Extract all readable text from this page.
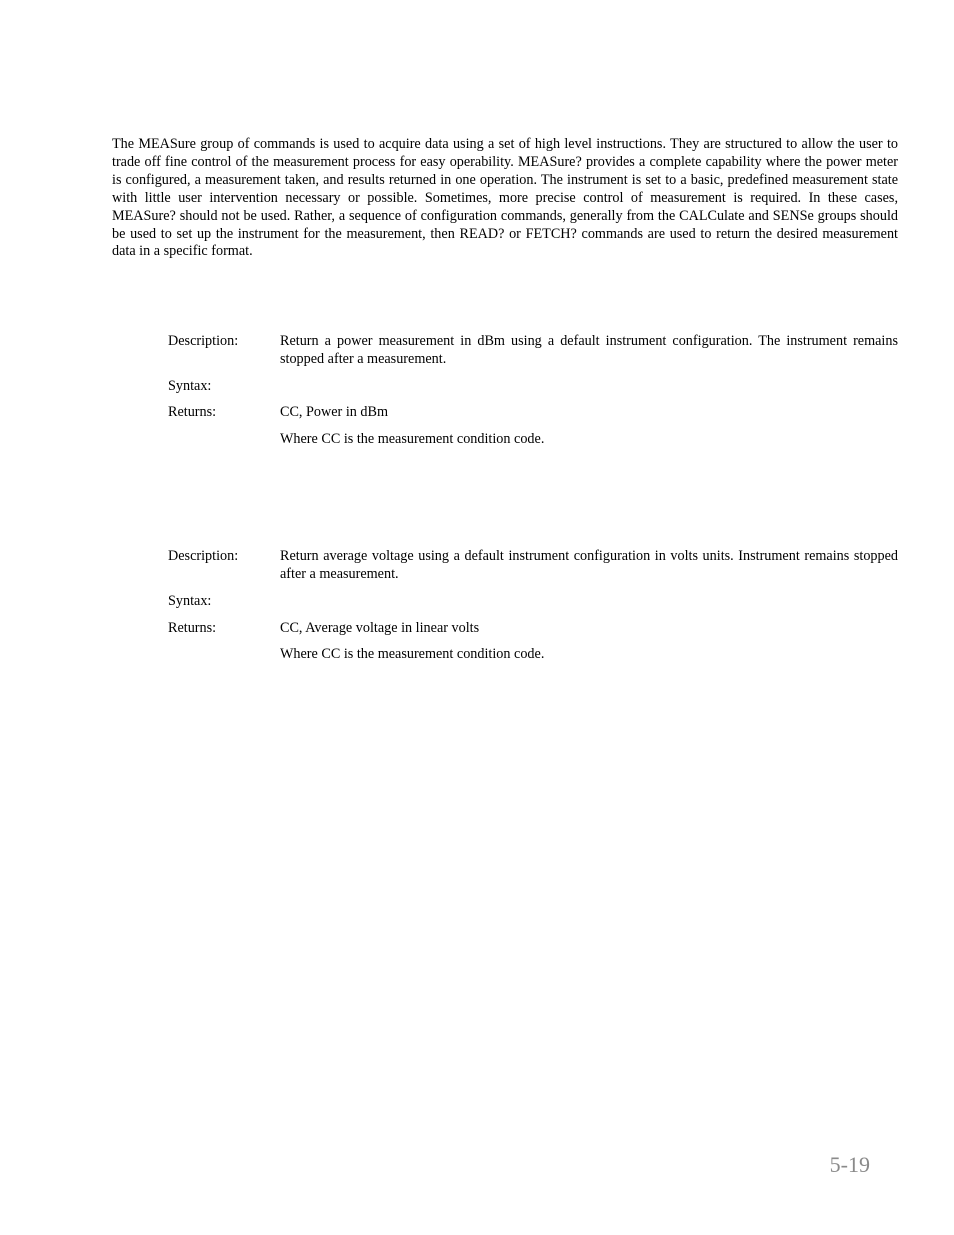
The MEASure group of commands is used to acquire data using a set of high level instructions. They are structured to allow the user to trade off fine control of the measurement process for easy operability. MEASure? provides a complete capability where the power meter is configured, a measurement taken, and results returned in one operation. The instrument is set to a basic, predefined measurement state with little user intervention necessary or possible. Sometimes, more precise control of measurement is required. In these cases, MEASure? should not be used. Rather, a sequence of configuration commands, generally from the CALCulate and SENSe groups should be used to set up the instrument for the measurement, then READ? or FETCH? commands are used to return the desired measurement data in a specific format.

Description:	Return a power measurement in dBm using a default instrument configuration. The instrument remains stopped after a measurement.
Syntax:
Returns:	CC, Power in dBm
Where CC is the measurement condition code.
Description:	Return average voltage using a default instrument configuration in volts units. Instrument remains stopped after a measurement.
Syntax:
Returns:	CC, Average voltage in linear volts
Where CC is the measurement condition code.
5-19
